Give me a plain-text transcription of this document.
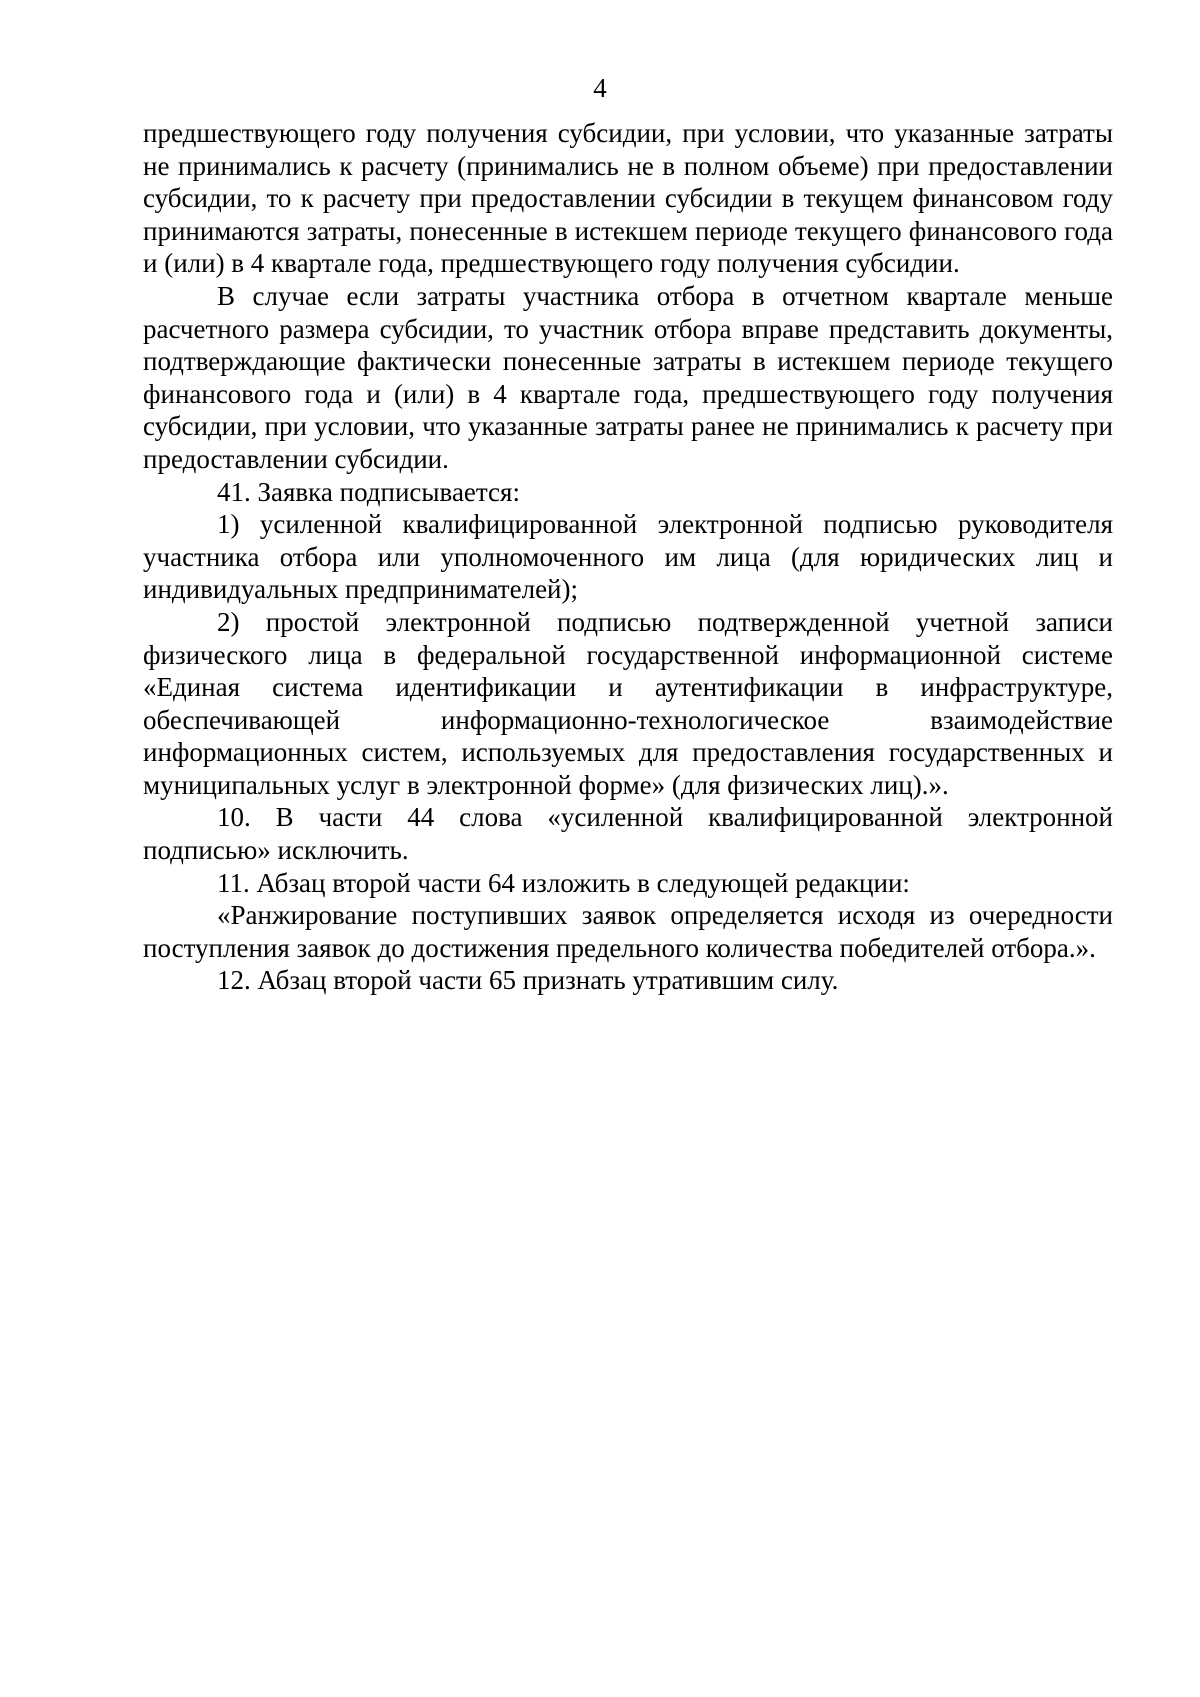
4

предшествующего году получения субсидии, при условии, что указанные затраты не принимались к расчету (принимались не в полном объеме) при предоставлении субсидии, то к расчету при предоставлении субсидии в текущем финансовом году принимаются затраты, понесенные в истекшем периоде текущего финансового года и (или) в 4 квартале года, предшествующего году получения субсидии.

В случае если затраты участника отбора в отчетном квартале меньше расчетного размера субсидии, то участник отбора вправе представить документы, подтверждающие фактически понесенные затраты в истекшем периоде текущего финансового года и (или) в 4 квартале года, предшествующего году получения субсидии, при условии, что указанные затраты ранее не принимались к расчету при предоставлении субсидии.

41. Заявка подписывается:

1) усиленной квалифицированной электронной подписью руководителя участника отбора или уполномоченного им лица (для юридических лиц и индивидуальных предпринимателей);

2) простой электронной подписью подтвержденной учетной записи физического лица в федеральной государственной информационной системе «Единая система идентификации и аутентификации в инфраструктуре, обеспечивающей информационно-технологическое взаимодействие информационных систем, используемых для предоставления государственных и муниципальных услуг в электронной форме» (для физических лиц).».

10. В части 44 слова «усиленной квалифицированной электронной подписью» исключить.

11. Абзац второй части 64 изложить в следующей редакции:

«Ранжирование поступивших заявок определяется исходя из очередности поступления заявок до достижения предельного количества победителей отбора.».

12. Абзац второй части 65 признать утратившим силу.
